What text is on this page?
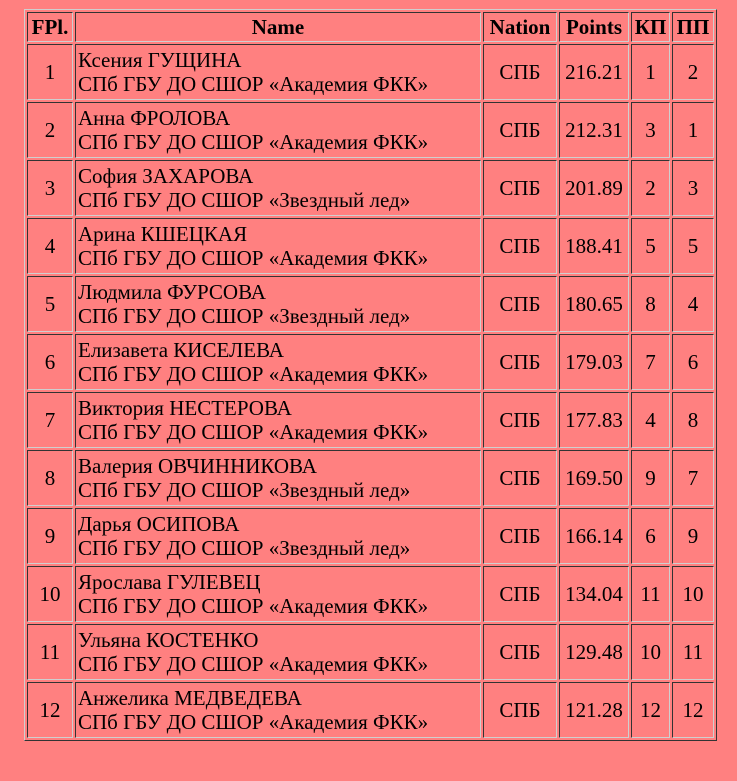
FPl.	Name	Nation	Points	КП	ПП
1	Ксения ГУЩИНА
СПб ГБУ ДО СШОР «Академия ФКК»	СПБ	216.21	1	2
2	Анна ФРОЛОВА
СПб ГБУ ДО СШОР «Академия ФКК»	СПБ	212.31	3	1
3	София ЗАХАРОВА
СПб ГБУ ДО СШОР «Звездный лед»	СПБ	201.89	2	3
4	Арина КШЕЦКАЯ
СПб ГБУ ДО СШОР «Академия ФКК»	СПБ	188.41	5	5
5	Людмила ФУРСОВА
СПб ГБУ ДО СШОР «Звездный лед»	СПБ	180.65	8	4
6	Елизавета КИСЕЛЕВА
СПб ГБУ ДО СШОР «Академия ФКК»	СПБ	179.03	7	6
7	Виктория НЕСТЕРОВА
СПб ГБУ ДО СШОР «Академия ФКК»	СПБ	177.83	4	8
8	Валерия ОВЧИННИКОВА
СПб ГБУ ДО СШОР «Звездный лед»	СПБ	169.50	9	7
9	Дарья ОСИПОВА
СПб ГБУ ДО СШОР «Звездный лед»	СПБ	166.14	6	9
10	Ярослава ГУЛЕВЕЦ
СПб ГБУ ДО СШОР «Академия ФКК»	СПБ	134.04	11	10
11	Ульяна КОСТЕНКО
СПб ГБУ ДО СШОР «Академия ФКК»	СПБ	129.48	10	11
12	Анжелика МЕДВЕДЕВА
СПб ГБУ ДО СШОР «Академия ФКК»	СПБ	121.28	12	12
